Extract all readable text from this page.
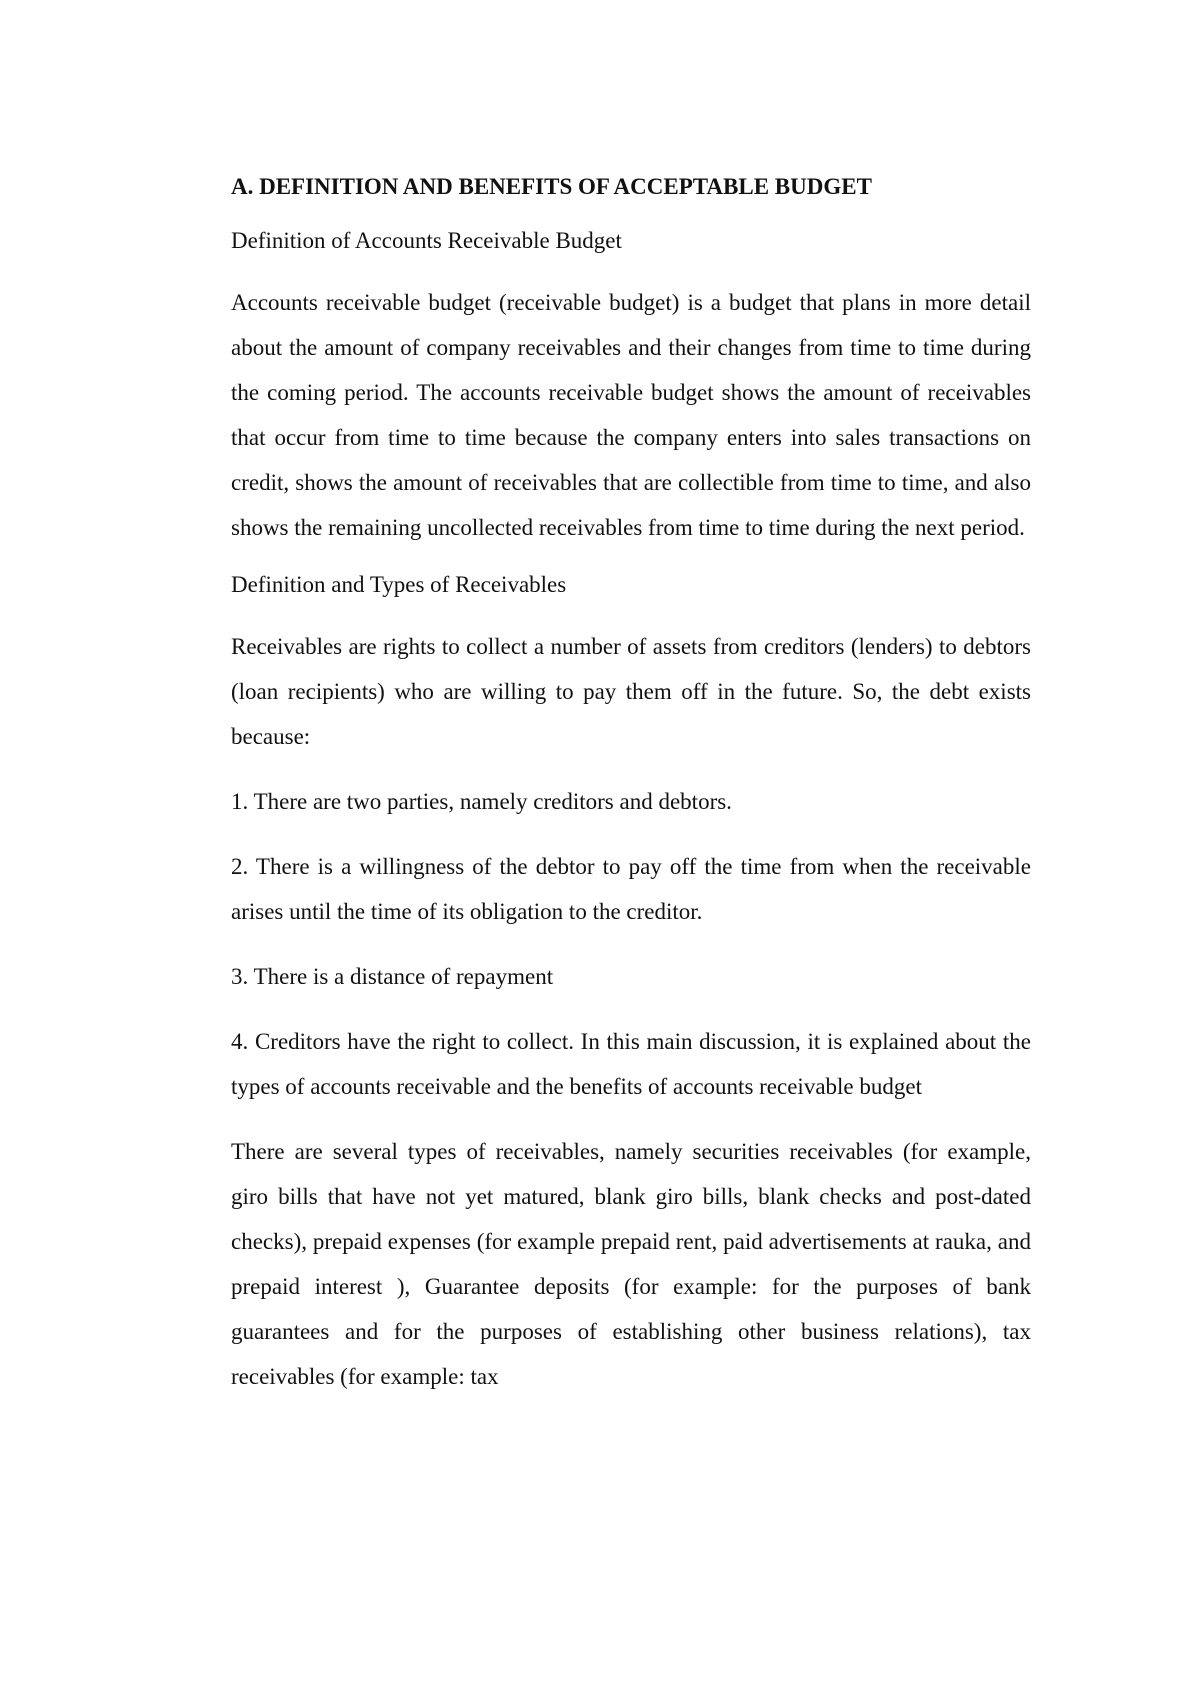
A. DEFINITION AND BENEFITS OF ACCEPTABLE BUDGET
Definition of Accounts Receivable Budget
Accounts receivable budget (receivable budget) is a budget that plans in more detail about the amount of company receivables and their changes from time to time during the coming period. The accounts receivable budget shows the amount of receivables that occur from time to time because the company enters into sales transactions on credit, shows the amount of receivables that are collectible from time to time, and also shows the remaining uncollected receivables from time to time during the next period.
Definition and Types of Receivables
Receivables are rights to collect a number of assets from creditors (lenders) to debtors (loan recipients) who are willing to pay them off in the future. So, the debt exists because:
1. There are two parties, namely creditors and debtors.
2. There is a willingness of the debtor to pay off the time from when the receivable arises until the time of its obligation to the creditor.
3. There is a distance of repayment
4. Creditors have the right to collect. In this main discussion, it is explained about the types of accounts receivable and the benefits of accounts receivable budget
There are several types of receivables, namely securities receivables (for example, giro bills that have not yet matured, blank giro bills, blank checks and post-dated checks), prepaid expenses (for example prepaid rent, paid advertisements at rauka, and prepaid interest ), Guarantee deposits (for example: for the purposes of bank guarantees and for the purposes of establishing other business relations), tax receivables (for example: tax
